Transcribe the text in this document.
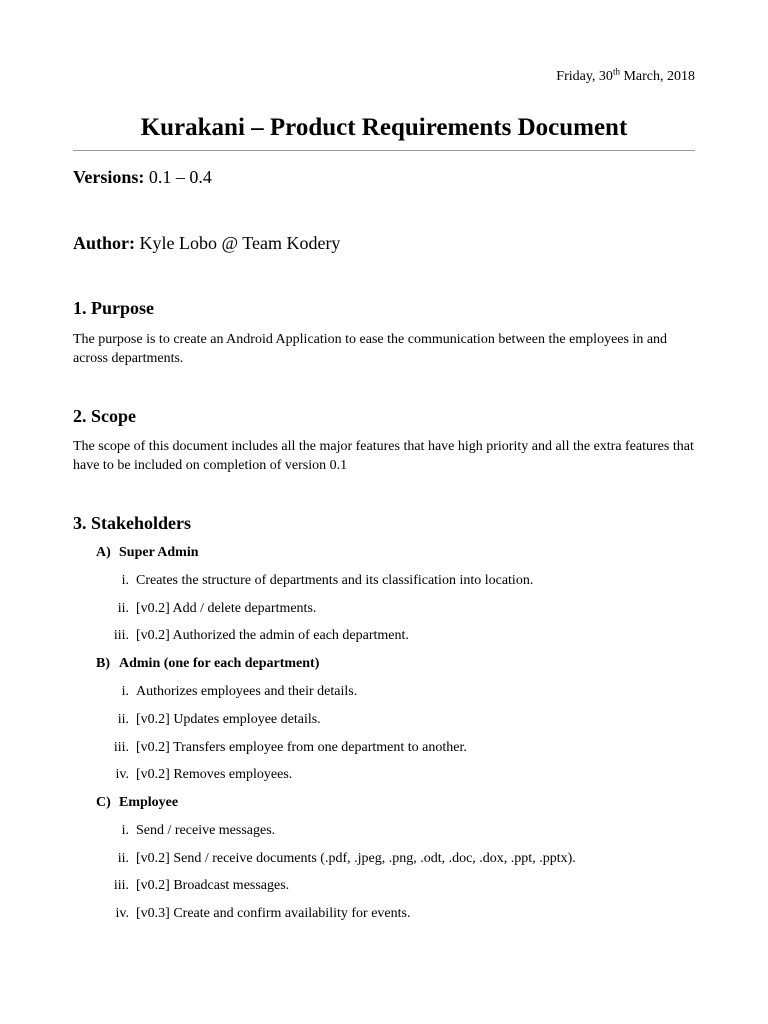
Friday, 30th March, 2018
Kurakani – Product Requirements Document
Versions: 0.1 – 0.4
Author: Kyle Lobo @ Team Kodery
1. Purpose

The purpose is to create an Android Application to ease the communication between the employees in and across departments.

2. Scope

The scope of this document includes all the major features that have high priority and all the extra features that have to be included on completion of version 0.1

3. Stakeholders
A) Super Admin
i. Creates the structure of departments and its classification into location.
ii. [v0.2] Add / delete departments.
iii. [v0.2] Authorized the admin of each department.
B) Admin (one for each department)
i. Authorizes employees and their details.
ii. [v0.2] Updates employee details.
iii. [v0.2] Transfers employee from one department to another.
iv. [v0.2] Removes employees.
C) Employee
i. Send / receive messages.
ii. [v0.2] Send / receive documents (.pdf, .jpeg, .png, .odt, .doc, .dox, .ppt, .pptx).
iii. [v0.2] Broadcast messages.
iv. [v0.3] Create and confirm availability for events.
